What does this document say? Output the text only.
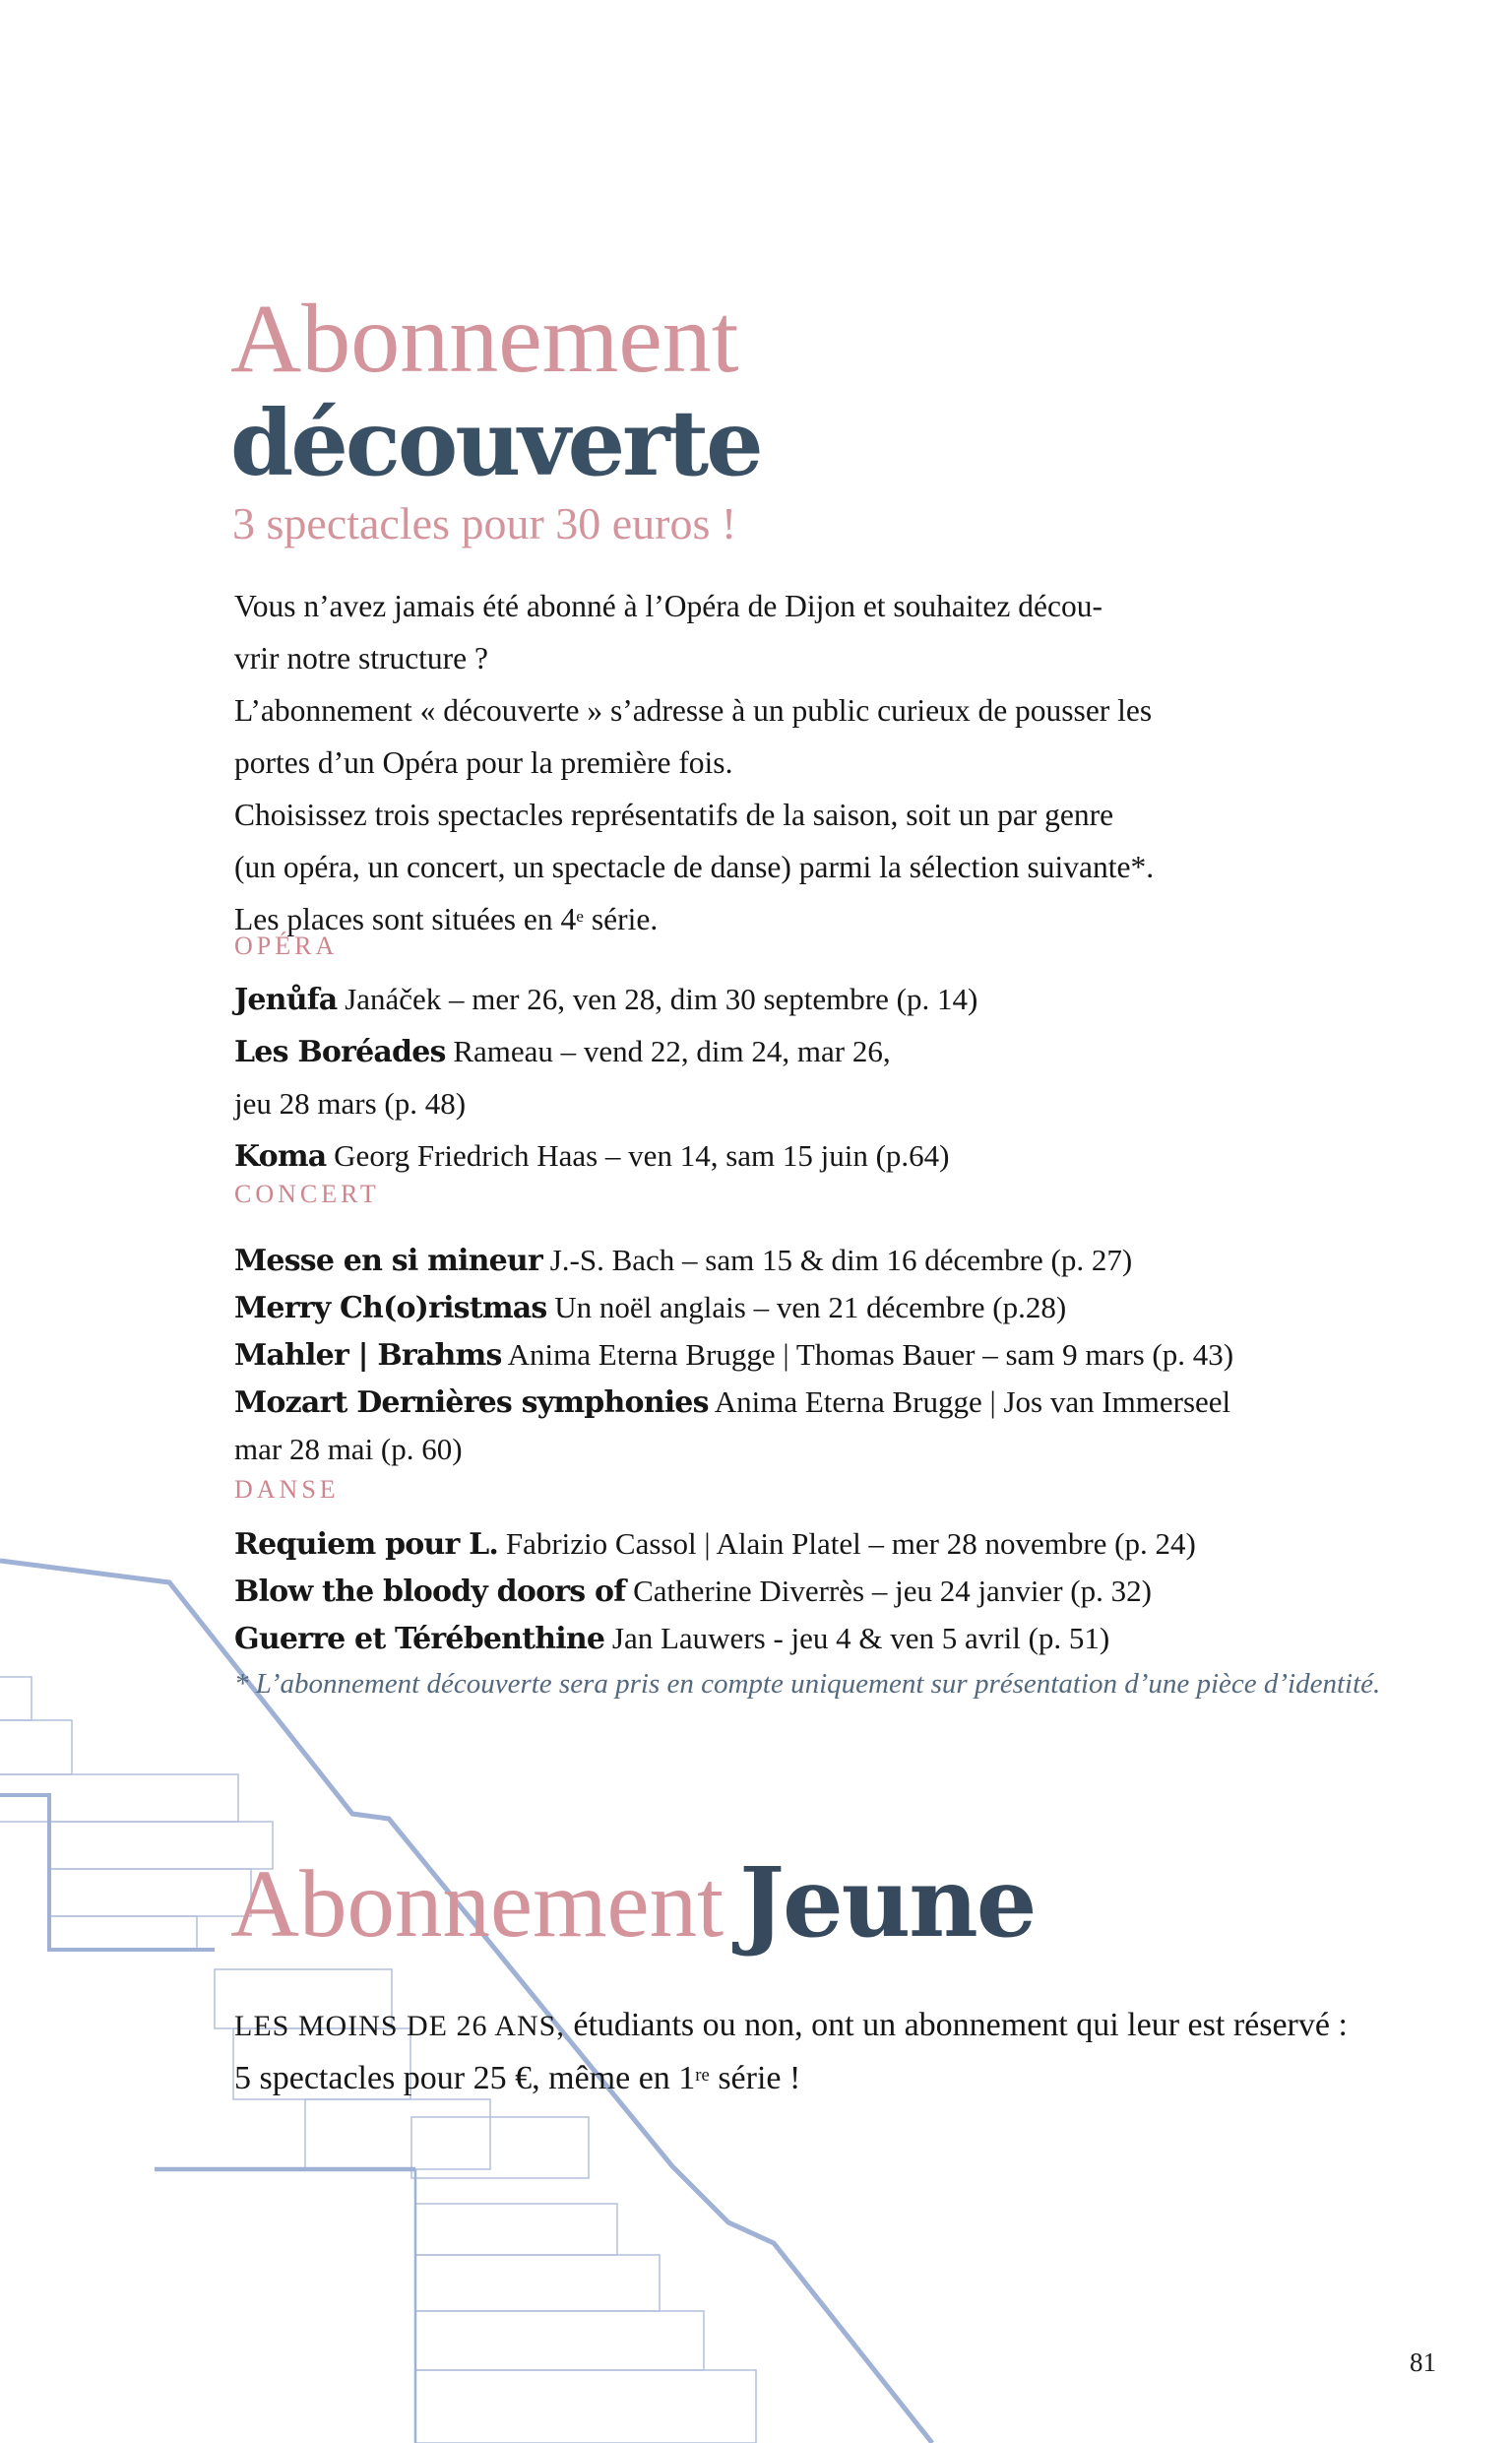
Abonnement
découverte
3 spectacles pour 30 euros !
Vous n’avez jamais été abonné à l’Opéra de Dijon et souhaitez décou-
vrir notre structure ?
L’abonnement « découverte » s’adresse à un public curieux de pousser les
portes d’un Opéra pour la première fois.
Choisissez trois spectacles représentatifs de la saison, soit un par genre
(un opéra, un concert, un spectacle de danse) parmi la sélection suivante*.
Les places sont situées en 4e série.
OPÉRA
Jenůfa Janáček – mer 26, ven 28, dim 30 septembre (p. 14)
Les Boréades Rameau – vend 22, dim 24, mar 26,
jeu 28 mars (p. 48)
Koma Georg Friedrich Haas – ven 14, sam 15 juin (p.64)
CONCERT
Messe en si mineur J.-S. Bach – sam 15 & dim 16 décembre (p. 27)
Merry Ch(o)ristmas Un noël anglais – ven 21 décembre (p.28)
Mahler | Brahms Anima Eterna Brugge | Thomas Bauer – sam 9 mars (p. 43)
Mozart Dernières symphonies Anima Eterna Brugge | Jos van Immerseel
mar 28 mai (p. 60)
DANSE
Requiem pour L. Fabrizio Cassol | Alain Platel – mer 28 novembre (p. 24)
Blow the bloody doors of Catherine Diverrès – jeu 24 janvier (p. 32)
Guerre et Térébenthine Jan Lauwers - jeu 4 & ven 5 avril (p. 51)
* L’abonnement découverte sera pris en compte uniquement sur présentation d’une pièce d’identité.
Abonnement Jeune
LES MOINS DE 26 ANS, étudiants ou non, ont un abonnement qui leur est réservé :
5 spectacles pour 25 €, même en 1re série !
81
